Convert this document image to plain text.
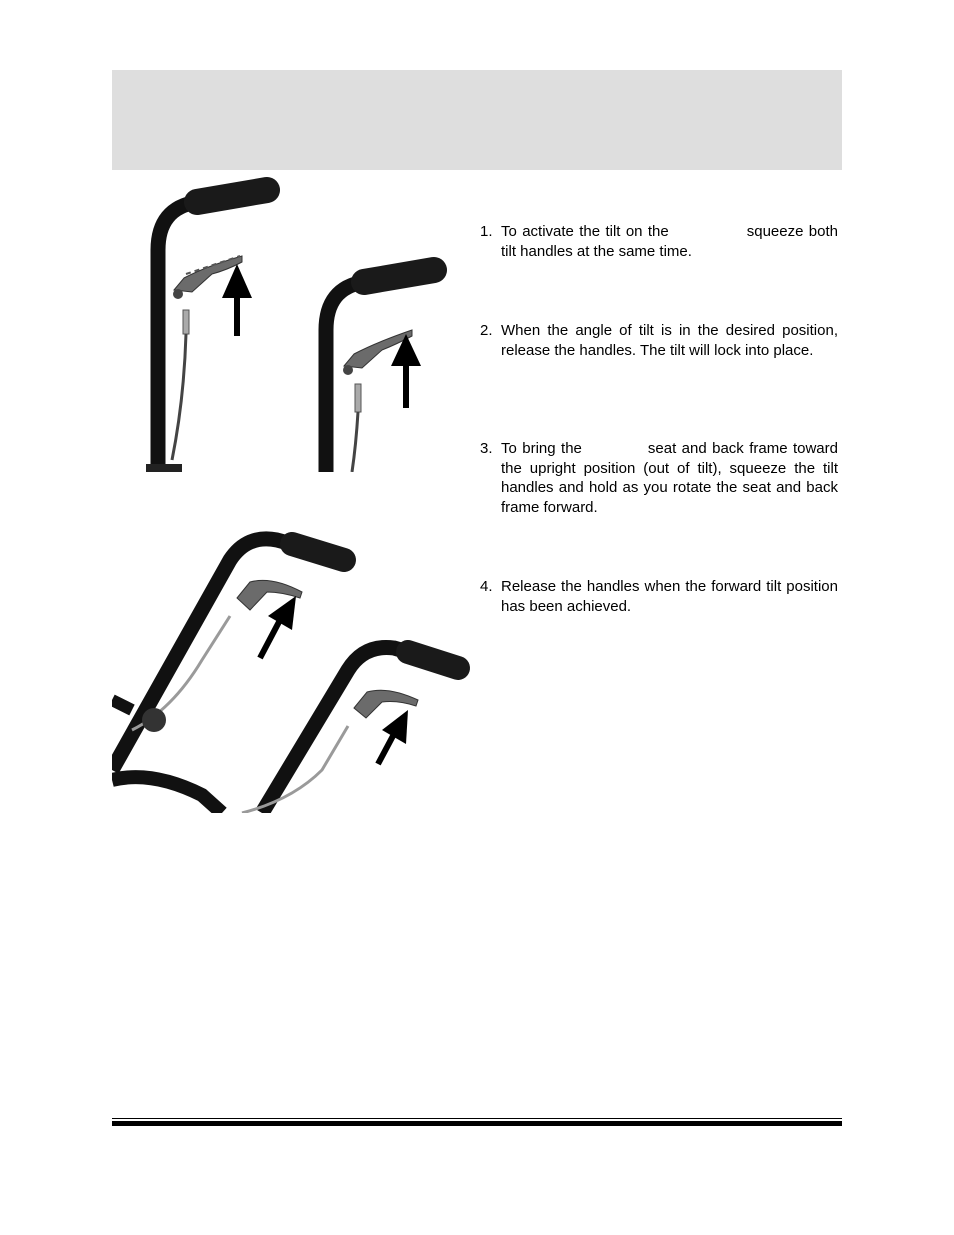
1. To activate the tilt on the	squeeze both tilt handles at the same time.
2. When the angle of tilt is in the desired position, release the handles. The tilt will lock into place.
3. To bring the	seat and back frame toward the upright position (out of tilt), squeeze the tilt handles and hold as you rotate the seat and back frame forward.
4. Release the handles when the forward tilt position has been achieved.
